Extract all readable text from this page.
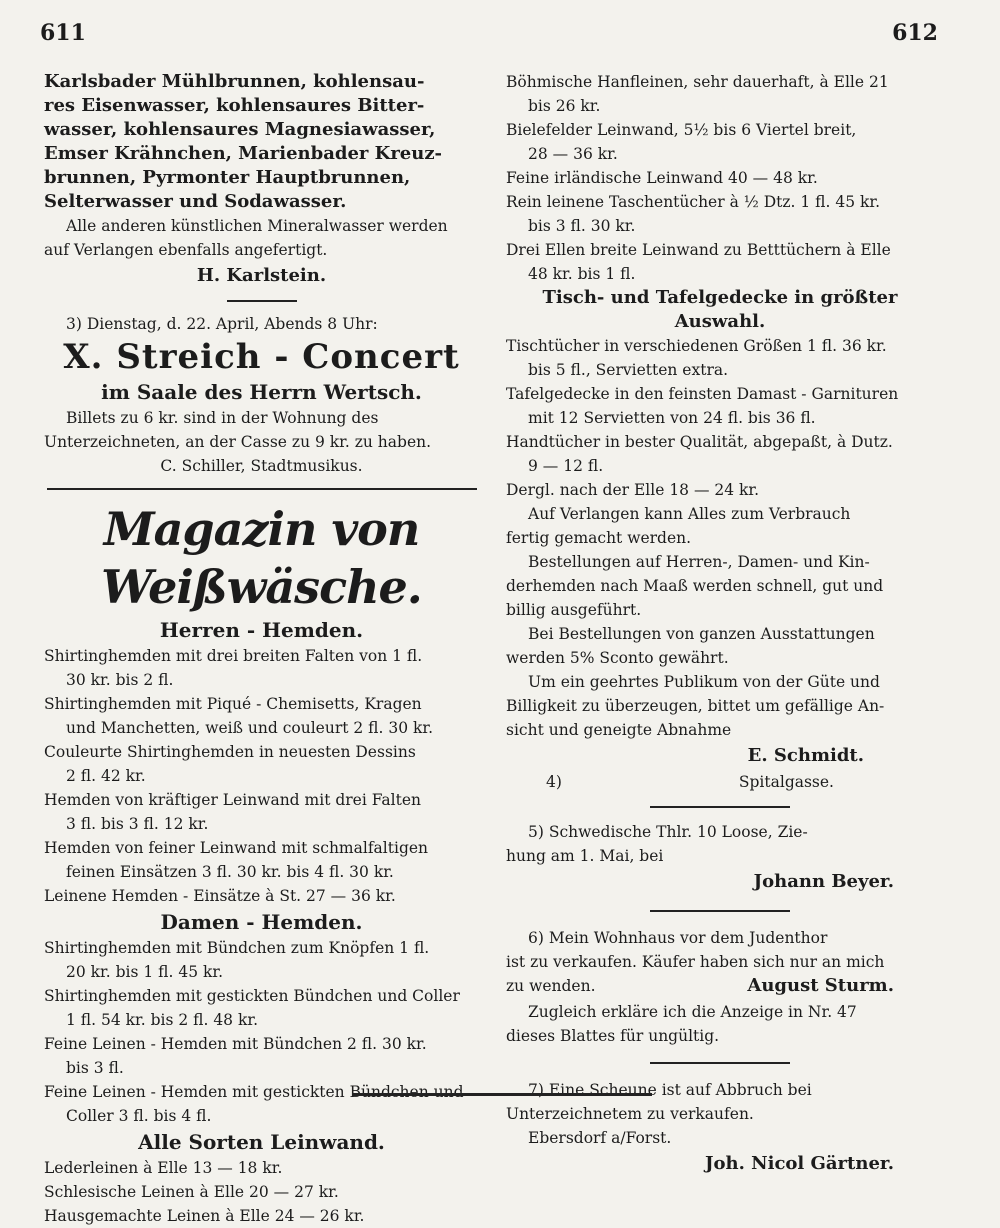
611	612

Karlsbader Mühlbrunnen, kohlensau-

res Eisenwasser, kohlensaures Bitter-

wasser, kohlensaures Magnesiawasser,

Emser Krähnchen, Marienbader Kreuz-

brunnen, Pyrmonter Hauptbrunnen,

Selterwasser und Sodawasser.

Alle anderen künstlichen Mineralwasser werden

auf Verlangen ebenfalls angefertigt.

H. Karlstein.

3) Dienstag, d. 22. April, Abends 8 Uhr:

X. Streich - Concert

im Saale des Herrn Wertsch.

Billets zu 6 kr. sind in der Wohnung des

Unterzeichneten, an der Casse zu 9 kr. zu haben.

C. Schiller, Stadtmusikus.

Magazin von Weißwäsche.

Herren - Hemden.

Shirtinghemden mit drei breiten Falten von 1 fl.

30 kr. bis 2 fl.

Shirtinghemden mit Piqué - Chemisetts, Kragen

und Manchetten, weiß und couleurt 2 fl. 30 kr.

Couleurte Shirtinghemden in neuesten Dessins

2 fl. 42 kr.

Hemden von kräftiger Leinwand mit drei Falten

3 fl. bis 3 fl. 12 kr.

Hemden von feiner Leinwand mit schmalfaltigen

feinen Einsätzen 3 fl. 30 kr. bis 4 fl. 30 kr.

Leinene Hemden - Einsätze à St. 27 — 36 kr.

Damen - Hemden.

Shirtinghemden mit Bündchen zum Knöpfen 1 fl.

20 kr. bis 1 fl. 45 kr.

Shirtinghemden mit gestickten Bündchen und Coller

1 fl. 54 kr. bis 2 fl. 48 kr.

Feine Leinen - Hemden mit Bündchen 2 fl. 30 kr.

bis 3 fl.

Feine Leinen - Hemden mit gestickten Bündchen und

Coller 3 fl. bis 4 fl.

Alle Sorten Leinwand.

Lederleinen à Elle 13 — 18 kr.

Schlesische Leinen à Elle 20 — 27 kr.

Hausgemachte Leinen à Elle 24 — 26 kr.

Böhmische Hanfleinen, sehr dauerhaft, à Elle 21

bis 26 kr.

Bielefelder Leinwand, 5½ bis 6 Viertel breit,

28 — 36 kr.

Feine irländische Leinwand 40 — 48 kr.

Rein leinene Taschentücher à ½ Dtz. 1 fl. 45 kr.

bis 3 fl. 30 kr.

Drei Ellen breite Leinwand zu Betttüchern à Elle

48 kr. bis 1 fl.

Tisch- und Tafelgedecke in größter Auswahl.

Tischtücher in verschiedenen Größen 1 fl. 36 kr.

bis 5 fl., Servietten extra.

Tafelgedecke in den feinsten Damast - Garnituren

mit 12 Servietten von 24 fl. bis 36 fl.

Handtücher in bester Qualität, abgepaßt, à Dutz.

9 — 12 fl.

Dergl. nach der Elle 18 — 24 kr.

Auf Verlangen kann Alles zum Verbrauch

fertig gemacht werden.

Bestellungen auf Herren-, Damen- und Kin-

derhemden nach Maaß werden schnell, gut und

billig ausgeführt.

Bei Bestellungen von ganzen Ausstattungen

werden 5% Sconto gewährt.

Um ein geehrtes Publikum von der Güte und

Billigkeit zu überzeugen, bittet um gefällige An-

sicht und geneigte Abnahme

E. Schmidt.

4)	Spitalgasse.

5) Schwedische Thlr. 10 Loose, Zie-

hung am 1. Mai, bei

Johann Beyer.

6) Mein Wohnhaus vor dem Judenthor

ist zu verkaufen. Käufer haben sich nur an mich

zu wenden.	August Sturm.

Zugleich erkläre ich die Anzeige in Nr. 47

dieses Blattes für ungültig.

7) Eine Scheune ist auf Abbruch bei

Unterzeichnetem zu verkaufen.

Ebersdorf a/Forst.

Joh. Nicol Gärtner.
